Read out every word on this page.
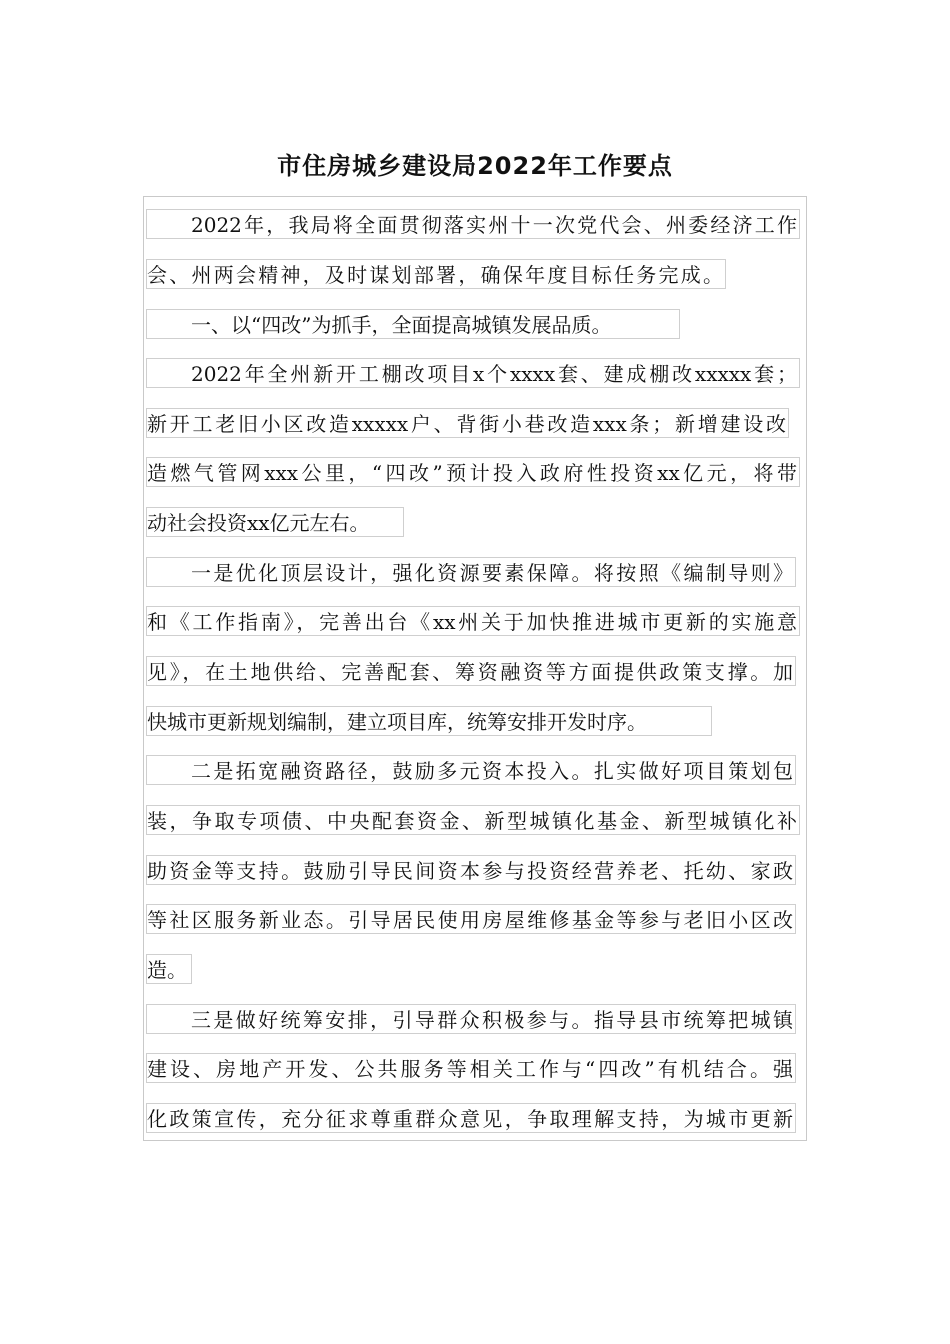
市住房城乡建设局2022年工作要点
2022年，我局将全面贯彻落实州十一次党代会、州委经济工作
会、州两会精神，及时谋划部署，确保年度目标任务完成。
一、以“四改”为抓手，全面提高城镇发展品质。
2022年全州新开工棚改项目x个xxxx套、建成棚改xxxxx套；
新开工老旧小区改造xxxxx户、背街小巷改造xxx条；新增建设改
造燃气管网xxx公里，“四改”预计投入政府性投资xx亿元，将带
动社会投资xx亿元左右。
一是优化顶层设计，强化资源要素保障。将按照《编制导则》
和《工作指南》，完善出台《xx州关于加快推进城市更新的实施意
见》，在土地供给、完善配套、筹资融资等方面提供政策支撑。加
快城市更新规划编制，建立项目库，统筹安排开发时序。
二是拓宽融资路径，鼓励多元资本投入。扎实做好项目策划包
装，争取专项债、中央配套资金、新型城镇化基金、新型城镇化补
助资金等支持。鼓励引导民间资本参与投资经营养老、托幼、家政
等社区服务新业态。引导居民使用房屋维修基金等参与老旧小区改
造。
三是做好统筹安排，引导群众积极参与。指导县市统筹把城镇
建设、房地产开发、公共服务等相关工作与“四改”有机结合。强
化政策宣传，充分征求尊重群众意见，争取理解支持，为城市更新
